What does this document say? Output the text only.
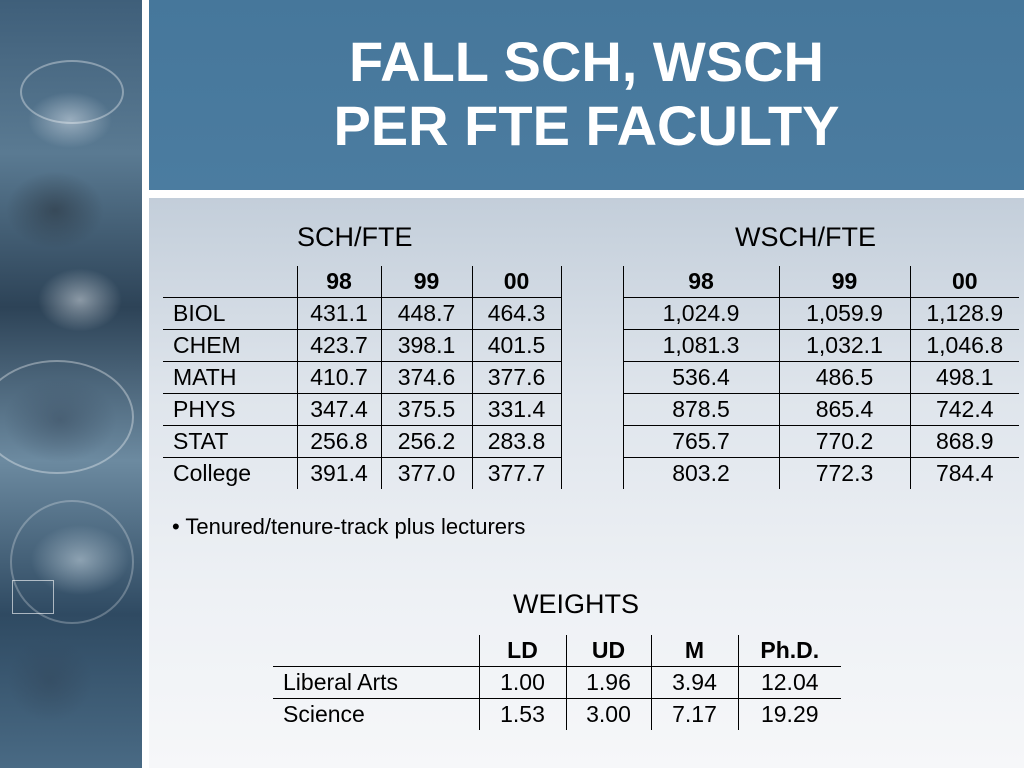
FALL SCH, WSCH
PER FTE FACULTY

SCH/FTE	WSCH/FTE

	98	99	00		98	99	00
BIOL	431.1	448.7	464.3		1,024.9	1,059.9	1,128.9
CHEM	423.7	398.1	401.5		1,081.3	1,032.1	1,046.8
MATH	410.7	374.6	377.6		536.4	486.5	498.1
PHYS	347.4	375.5	331.4		878.5	865.4	742.4
STAT	256.8	256.2	283.8		765.7	770.2	868.9
College	391.4	377.0	377.7		803.2	772.3	784.4

• Tenured/tenure-track plus lecturers

WEIGHTS

	LD	UD	M	Ph.D.
Liberal Arts	1.00	1.96	3.94	12.04
Science	1.53	3.00	7.17	19.29
